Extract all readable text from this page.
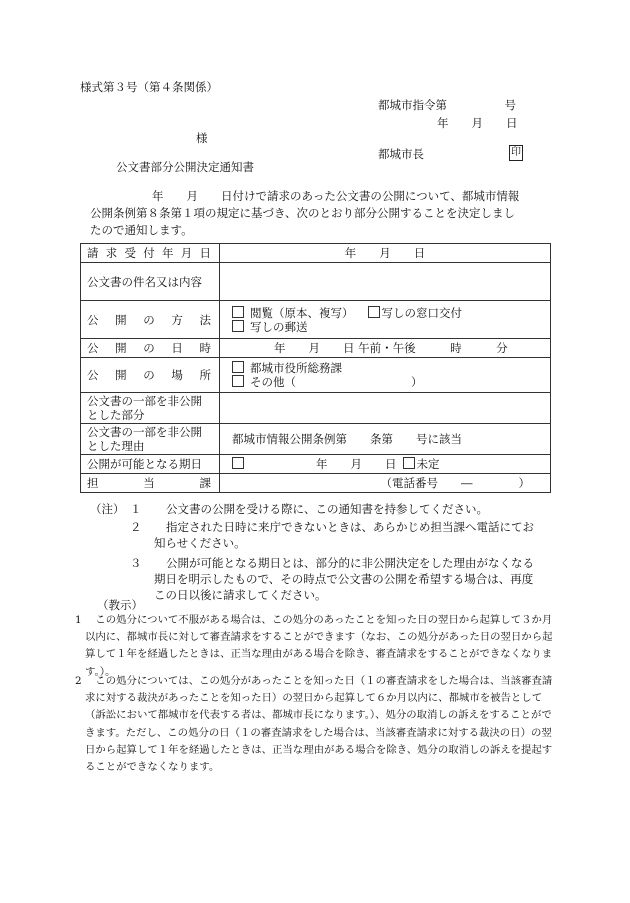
様式第３号（第４条関係）
都城市指令第　　　　　号
年　　月　　日
様
都城市長	印
公文書部分公開決定通知書
年　　月　　日付けで請求のあった公文書の公開について、都城市情報
公開条例第８条第１項の規定に基づき、次のとおり部分公開することを決定しまし
たので通知します。
請求受付年月日	年　　月　　日
公文書の件名又は内容	

公開の方法	閲覧（原本、複写） 写しの窓口交付
写しの郵送

公開の日時	年　　月　　日 午前・午後　　　時　　　分

公開の場所	都城市役所総務課
その他（　　　　　　　　　　）

公文書の一部を非公開
とした部分	

公文書の一部を非公開
とした理由	都城市情報公開条例第　　条第　　号に該当
公開が可能となる期日	年　　月　　日 未定

担当課	（電話番号　　―　　　　）
（注） １	公文書の公開を受ける際に、この通知書を持参してください。
２	指定された日時に来庁できないときは、あらかじめ担当課へ電話にてお
知らせください。
３	公開が可能となる期日とは、部分的に非公開決定をした理由がなくなる
期日を明示したもので、その時点で公文書の公開を希望する場合は、再度
この日以後に請求してください。
（教示）
1 　この処分について不服がある場合は、この処分のあったことを知った日の翌日から起算して３か月
以内に、都城市長に対して審査請求をすることができます（なお、この処分があった日の翌日から起
算して１年を経過したときは、正当な理由がある場合を除き、審査請求をすることができなくなりま
す。）。
2 　この処分については、この処分があったことを知った日（１の審査請求をした場合は、当該審査請
求に対する裁決があったことを知った日）の翌日から起算して６か月以内に、都城市を被告として
（訴訟において都城市を代表する者は、都城市長になります。）、処分の取消しの訴えをすることがで
きます。ただし、この処分の日（１の審査請求をした場合は、当該審査請求に対する裁決の日）の翌
日から起算して１年を経過したときは、正当な理由がある場合を除き、処分の取消しの訴えを提起す
ることができなくなります。
